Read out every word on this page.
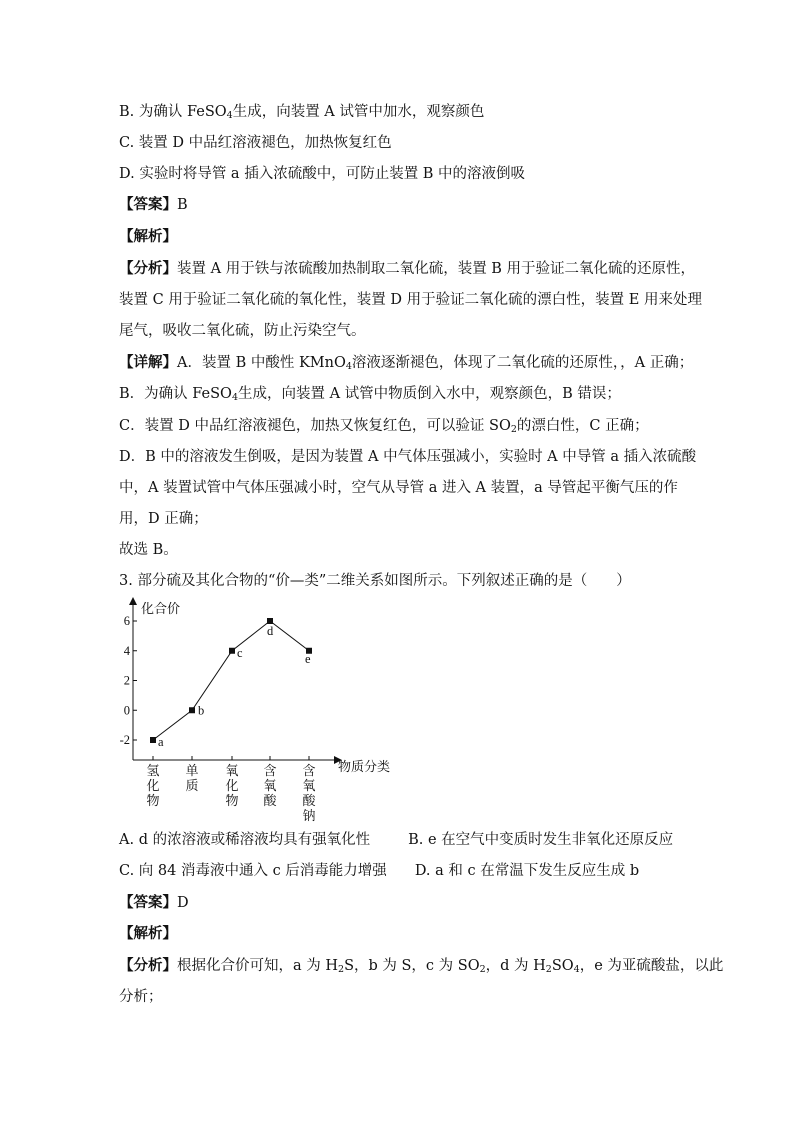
B. 为确认 FeSO$_4$生成，向装置 A 试管中加水，观察颜色
C. 装置 D 中品红溶液褪色，加热恢复红色
D. 实验时将导管 a 插入浓硫酸中，可防止装置 B 中的溶液倒吸
【答案】B
【解析】
【分析】装置 A 用于铁与浓硫酸加热制取二氧化硫，装置 B 用于验证二氧化硫的还原性，
装置 C 用于验证二氧化硫的氧化性，装置 D 用于验证二氧化硫的漂白性，装置 E 用来处理
尾气，吸收二氧化硫，防止污染空气。
【详解】A．装置 B 中酸性 KMnO$_4$溶液逐渐褪色，体现了二氧化硫的还原性，，A 正确；
B．为确认 FeSO$_4$生成，向装置 A 试管中物质倒入水中，观察颜色，B 错误；
C．装置 D 中品红溶液褪色，加热又恢复红色，可以验证 $SO_2$的漂白性，C 正确；
D．B 中的溶液发生倒吸，是因为装置 A 中气体压强减小，实验时 A 中导管 a 插入浓硫酸
中，A 装置试管中气体压强减小时，空气从导管 a 进入 A 装置，a 导管起平衡气压的作
用，D 正确；
故选 B。
3. 部分硫及其化合物的“价—类”二维关系如图所示。下列叙述正确的是（　　）
化合价
物质分类
6
4
2
0
-2
氢化物
单质
氧化物
含氧酸
含氧酸钠
a
b
c
d
e
A. d 的浓溶液或稀溶液均具有强氧化性	B. e 在空气中变质时发生非氧化还原反应
C. 向 84 消毒液中通入 c 后消毒能力增强 D. a 和 c 在常温下发生反应生成 b
【答案】D
【解析】
【分析】根据化合价可知，a 为 $H_2S$，b 为 S，c 为 $SO_2$，d 为 $H_2SO_4$，e 为亚硫酸盐，以此
分析；
